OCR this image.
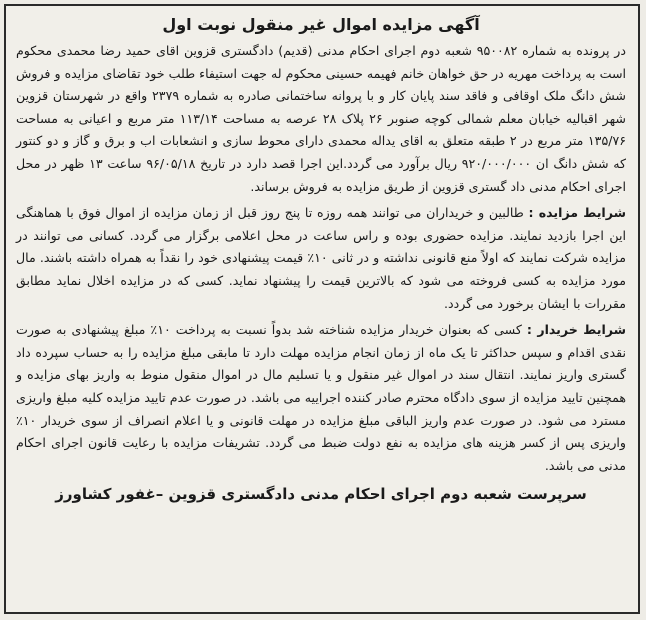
آگهی مزایده اموال غیر منقول نوبت اول

در پرونده به شماره ۹۵۰۰۸۲ شعبه دوم اجرای احکام مدنی (قدیم) دادگستری قزوین اقای حمید رضا محمدی محکوم است به پرداخت مهریه در حق خواهان خانم فهیمه حسینی محکوم له جهت استیفاء طلب خود تقاضای مزایده و فروش شش دانگ ملک اوقافی و فاقد سند پایان کار و با پروانه ساختمانی صادره به شماره ۲۳۷۹ واقع در شهرستان قزوین شهر اقبالیه خیابان معلم شمالی کوچه صنوبر ۲۶ پلاک ۲۸ عرصه به مساحت ۱۱۳/۱۴ متر مربع و اعیانی به مساحت ۱۳۵/۷۶ متر مربع در ۲ طبقه متعلق به اقای یداله محمدی دارای محوط سازی و انشعابات اب و برق و گاز و دو کنتور که شش دانگ ان ۹۲۰/۰۰۰/۰۰۰ ریال برآورد می گردد.این اجرا قصد دارد در تاریخ ۹۶/۰۵/۱۸ ساعت ۱۳ ظهر در محل اجرای احکام مدنی داد گستری قزوین از طریق مزایده به فروش برساند.

شرایط مزایده : طالبین و خریداران می توانند همه روزه تا پنج روز قبل از زمان مزایده از اموال فوق با هماهنگی این اجرا بازدید نمایند. مزایده حضوری بوده و راس ساعت در محل اعلامی برگزار می گردد. کسانی می توانند در مزایده شرکت نمایند که اولاً منع قانونی نداشته و در ثانی ۱۰٪ قیمت پیشنهادی خود را نقداً به همراه داشته باشند. مال مورد مزایده به کسی فروخته می شود که بالاترین قیمت را پیشنهاد نماید. کسی که در مزایده اخلال نماید مطابق مقررات با ایشان برخورد می گردد.

شرایط خریدار : کسی که بعنوان خریدار مزایده شناخته شد بدواً نسبت به پرداخت ۱۰٪ مبلغ پیشنهادی به صورت نقدی اقدام و سپس حداکثر تا یک ماه از زمان انجام مزایده مهلت دارد تا مابقی مبلغ مزایده را به حساب سپرده داد گستری واریز نمایند. انتقال سند در اموال غیر منقول و یا تسلیم مال در اموال منقول منوط به واریز بهای مزایده و همچنین تایید مزایده از سوی دادگاه محترم صادر کننده اجراییه می باشد. در صورت عدم تایید مزایده کلیه مبلغ واریزی مسترد می شود. در صورت عدم واریز الباقی مبلغ مزایده در مهلت قانونی و یا اعلام انصراف از سوی خریدار ۱۰٪ واریزی پس از کسر هزینه های مزایده به نفع دولت ضبط می گردد. تشریفات مزایده با رعایت قانون اجرای احکام مدنی می باشد.

سرپرست شعبه دوم اجرای احکام مدنی دادگستری قزوین –غفور کشاورز
